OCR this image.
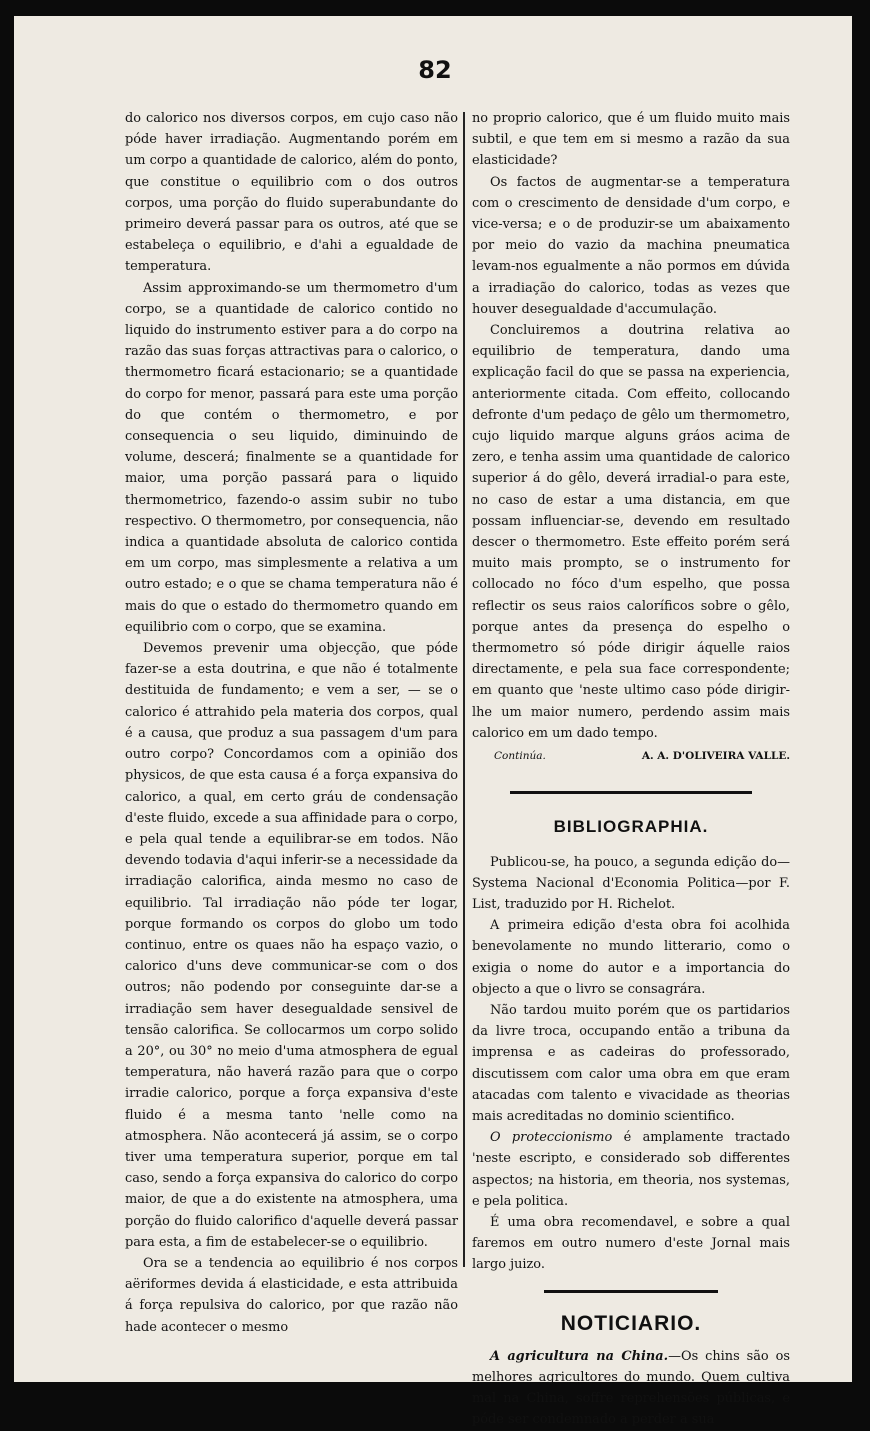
82

do calorico nos diversos corpos, em cujo caso não póde haver irradiação. Augmentando porém em um corpo a quantidade de calorico, além do ponto, que constitue o equilibrio com o dos outros corpos, uma porção do fluido superabundante do primeiro deverá passar para os outros, até que se estabeleça o equilibrio, e d'ahi a egualdade de temperatura.

Assim approximando-se um thermometro d'um corpo, se a quantidade de calorico contido no liquido do instrumento estiver para a do corpo na razão das suas forças attractivas para o calorico, o thermometro ficará estacionario; se a quantidade do corpo for menor, passará para este uma porção do que contém o thermometro, e por consequencia o seu liquido, diminuindo de volume, descerá; finalmente se a quantidade for maior, uma porção passará para o liquido thermometrico, fazendo-o assim subir no tubo respectivo. O thermometro, por consequencia, não indica a quantidade absoluta de calorico contida em um corpo, mas simplesmente a relativa a um outro estado; e o que se chama temperatura não é mais do que o estado do thermometro quando em equilibrio com o corpo, que se examina.

Devemos prevenir uma objecção, que póde fazer-se a esta doutrina, e que não é totalmente destituida de fundamento; e vem a ser, — se o calorico é attrahido pela materia dos corpos, qual é a causa, que produz a sua passagem d'um para outro corpo? Concordamos com a opinião dos physicos, de que esta causa é a força expansiva do calorico, a qual, em certo gráu de condensação d'este fluido, excede a sua affinidade para o corpo, e pela qual tende a equilibrar-se em todos. Não devendo todavia d'aqui inferir-se a necessidade da irradiação calorifica, ainda mesmo no caso de equilibrio. Tal irradiação não póde ter logar, porque formando os corpos do globo um todo continuo, entre os quaes não ha espaço vazio, o calorico d'uns deve communicar-se com o dos outros; não podendo por conseguinte dar-se a irradiação sem haver desegualdade sensivel de tensão calorifica. Se collocarmos um corpo solido a 20°, ou 30° no meio d'uma atmosphera de egual temperatura, não haverá razão para que o corpo irradie calorico, porque a força expansiva d'este fluido é a mesma tanto 'nelle como na atmosphera. Não acontecerá já assim, se o corpo tiver uma temperatura superior, porque em tal caso, sendo a força expansiva do calorico do corpo maior, de que a do existente na atmosphera, uma porção do fluido calorifico d'aquelle deverá passar para esta, a fim de estabelecer-se o equilibrio.

Ora se a tendencia ao equilibrio é nos corpos aëriformes devida á elasticidade, e esta attribuida á força repulsiva do calorico, por que razão não hade acontecer o mesmo

no proprio calorico, que é um fluido muito mais subtil, e que tem em si mesmo a razão da sua elasticidade?

Os factos de augmentar-se a temperatura com o crescimento de densidade d'um corpo, e vice-versa; e o de produzir-se um abaixamento por meio do vazio da machina pneumatica levam-nos egualmente a não pormos em dúvida a irradiação do calorico, todas as vezes que houver desegualdade d'accumulação.

Concluiremos a doutrina relativa ao equilibrio de temperatura, dando uma explicação facil do que se passa na experiencia, anteriormente citada. Com effeito, collocando defronte d'um pedaço de gêlo um thermometro, cujo liquido marque alguns gráos acima de zero, e tenha assim uma quantidade de calorico superior á do gêlo, deverá irradial-o para este, no caso de estar a uma distancia, em que possam influenciar-se, devendo em resultado descer o thermometro. Este effeito porém será muito mais prompto, se o instrumento for collocado no fóco d'um espelho, que possa reflectir os seus raios caloríficos sobre o gêlo, porque antes da presença do espelho o thermometro só póde dirigir áquelle raios directamente, e pela sua face correspondente; em quanto que 'neste ultimo caso póde dirigir-lhe um maior numero, perdendo assim mais calorico em um dado tempo.

Continúa.	A. A. D'OLIVEIRA VALLE.
BIBLIOGRAPHIA.

Publicou-se, ha pouco, a segunda edição do—Systema Nacional d'Economia Politica—por F. List, traduzido por H. Richelot.

A primeira edição d'esta obra foi acolhida benevolamente no mundo litterario, como o exigia o nome do autor e a importancia do objecto a que o livro se consagrára.

Não tardou muito porém que os partidarios da livre troca, occupando então a tribuna da imprensa e as cadeiras do professorado, discutissem com calor uma obra em que eram atacadas com talento e vivacidade as theorias mais acreditadas no dominio scientifico.

O proteccionismo é amplamente tractado 'neste escripto, e considerado sob differentes aspectos; na historia, em theoria, nos systemas, e pela politica.

É uma obra recomendavel, e sobre a qual faremos em outro numero d'este Jornal mais largo juizo.

NOTICIARIO.

A agricultura na China.—Os chins são os melhores agricultores do mundo. Quem cultiva mal na China, soffre reprehensões públicas, e póde ser condemnado a perder a sua
